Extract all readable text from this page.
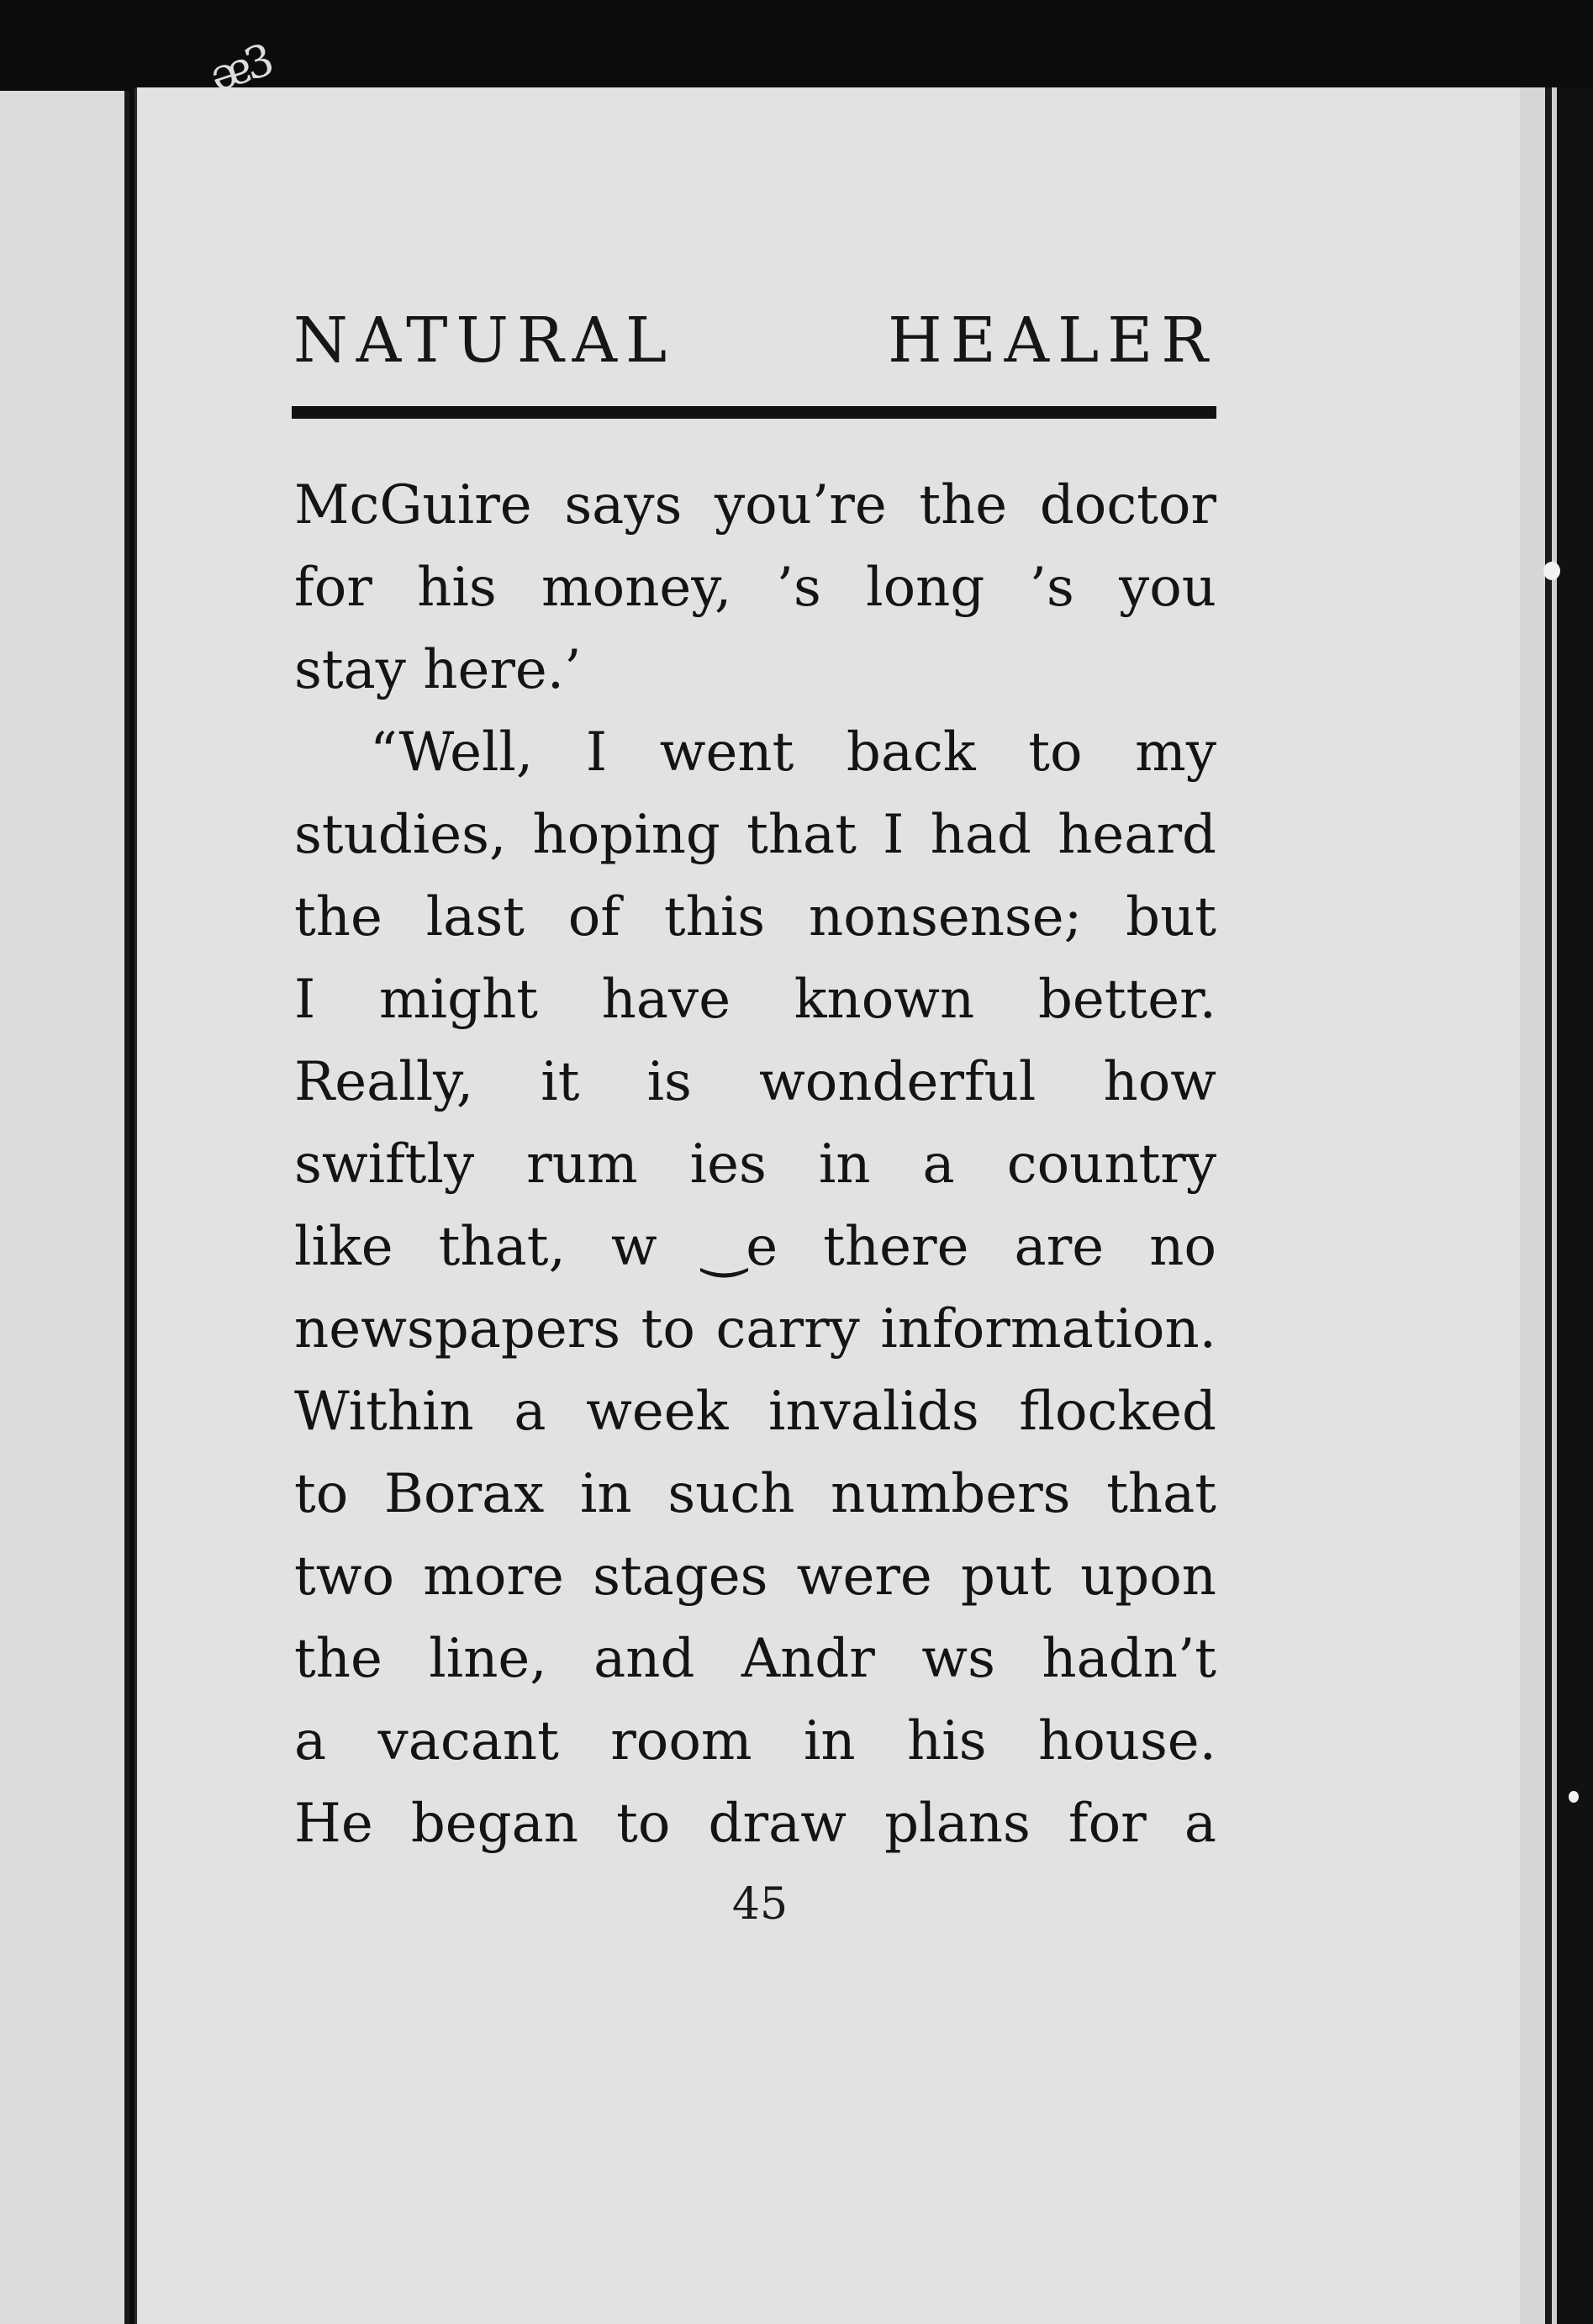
ᴂ3
NATURAL HEALER
McGuire says you’re the doctor
for his money, ’s long ’s you
stay here.’
“Well, I went back to my
studies, hoping that I had heard
the last of this nonsense; but
I might have known better.
Really, it is wonderful how
swiftly rum ies in a country
like that, w ‿e there are no
newspapers to carry information.
Within a week invalids flocked
to Borax in such numbers that
two more stages were put upon
the line, and Andr ws hadn’t
a vacant room in his house.
He began to draw plans for a
45
